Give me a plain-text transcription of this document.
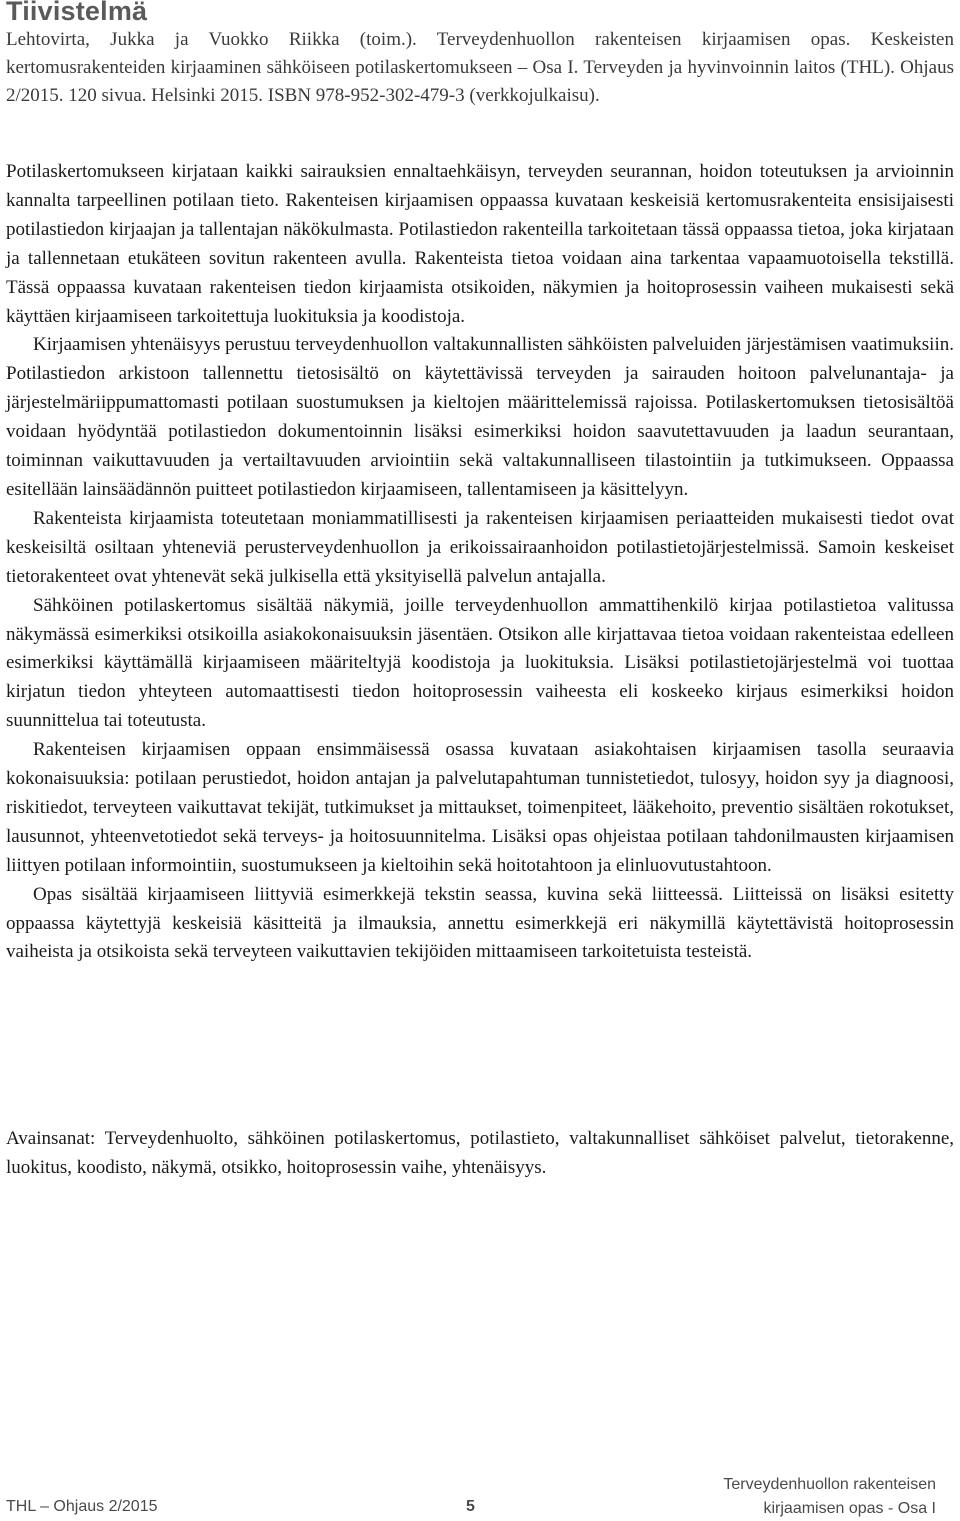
Tiivistelmä
Lehtovirta, Jukka ja Vuokko Riikka (toim.). Terveydenhuollon rakenteisen kirjaamisen opas. Keskeisten kertomusrakenteiden kirjaaminen sähköiseen potilaskertomukseen – Osa I. Terveyden ja hyvinvoinnin laitos (THL). Ohjaus 2/2015. 120 sivua. Helsinki 2015. ISBN 978-952-302-479-3 (verkkojulkaisu).

Potilaskertomukseen kirjataan kaikki sairauksien ennaltaehkäisyn, terveyden seurannan, hoidon toteutuksen ja arvioinnin kannalta tarpeellinen potilaan tieto. Rakenteisen kirjaamisen oppaassa kuvataan keskeisiä kertomusrakenteita ensisijaisesti potilastiedon kirjaajan ja tallentajan näkökulmasta. Potilastiedon rakenteilla tarkoitetaan tässä oppaassa tietoa, joka kirjataan ja tallennetaan etukäteen sovitun rakenteen avulla. Rakenteista tietoa voidaan aina tarkentaa vapaamuotoisella tekstillä. Tässä oppaassa kuvataan rakenteisen tiedon kirjaamista otsikoiden, näkymien ja hoitoprosessin vaiheen mukaisesti sekä käyttäen kirjaamiseen tarkoitettuja luokituksia ja koodistoja.

Kirjaamisen yhtenäisyys perustuu terveydenhuollon valtakunnallisten sähköisten palveluiden järjestämisen vaatimuksiin. Potilastiedon arkistoon tallennettu tietosisältö on käytettävissä terveyden ja sairauden hoitoon palvelunantaja- ja järjestelmäriippumattomasti potilaan suostumuksen ja kieltojen määrittelemissä rajoissa. Potilaskertomuksen tietosisältöä voidaan hyödyntää potilastiedon dokumentoinnin lisäksi esimerkiksi hoidon saavutettavuuden ja laadun seurantaan, toiminnan vaikuttavuuden ja vertailtavuuden arviointiin sekä valtakunnalliseen tilastointiin ja tutkimukseen. Oppaassa esitellään lainsäädännön puitteet potilastiedon kirjaamiseen, tallentamiseen ja käsittelyyn.

Rakenteista kirjaamista toteutetaan moniammatillisesti ja rakenteisen kirjaamisen periaatteiden mukaisesti tiedot ovat keskeisiltä osiltaan yhteneviä perusterveydenhuollon ja erikoissairaanhoidon potilastietojärjestelmissä. Samoin keskeiset tietorakenteet ovat yhtenevät sekä julkisella että yksityisellä palvelun antajalla.

Sähköinen potilaskertomus sisältää näkymiä, joille terveydenhuollon ammattihenkilö kirjaa potilastietoa valitussa näkymässä esimerkiksi otsikoilla asiakokonaisuuksin jäsentäen. Otsikon alle kirjattavaa tietoa voidaan rakenteistaa edelleen esimerkiksi käyttämällä kirjaamiseen määriteltyjä koodistoja ja luokituksia. Lisäksi potilastietojärjestelmä voi tuottaa kirjatun tiedon yhteyteen automaattisesti tiedon hoitoprosessin vaiheesta eli koskeeko kirjaus esimerkiksi hoidon suunnittelua tai toteutusta.

Rakenteisen kirjaamisen oppaan ensimmäisessä osassa kuvataan asiakohtaisen kirjaamisen tasolla seuraavia kokonaisuuksia: potilaan perustiedot, hoidon antajan ja palvelutapahtuman tunnistetiedot, tulosyy, hoidon syy ja diagnoosi, riskitiedot, terveyteen vaikuttavat tekijät, tutkimukset ja mittaukset, toimenpiteet, lääkehoito, preventio sisältäen rokotukset, lausunnot, yhteenvetotiedot sekä terveys- ja hoitosuunnitelma. Lisäksi opas ohjeistaa potilaan tahdonilmausten kirjaamisen liittyen potilaan informointiin, suostumukseen ja kieltoihin sekä hoitotahtoon ja elinluovutustahtoon.

Opas sisältää kirjaamiseen liittyviä esimerkkejä tekstin seassa, kuvina sekä liitteessä. Liitteissä on lisäksi esitetty oppaassa käytettyjä keskeisiä käsitteitä ja ilmauksia, annettu esimerkkejä eri näkymillä käytettävistä hoitoprosessin vaiheista ja otsikoista sekä terveyteen vaikuttavien tekijöiden mittaamiseen tarkoitetuista testeistä.

Avainsanat: Terveydenhuolto, sähköinen potilaskertomus, potilastieto, valtakunnalliset sähköiset palvelut, tietorakenne, luokitus, koodisto, näkymä, otsikko, hoitoprosessin vaihe, yhtenäisyys.

THL – Ohjaus 2/2015	5
Terveydenhuollon rakenteisen
kirjaamisen opas - Osa I
